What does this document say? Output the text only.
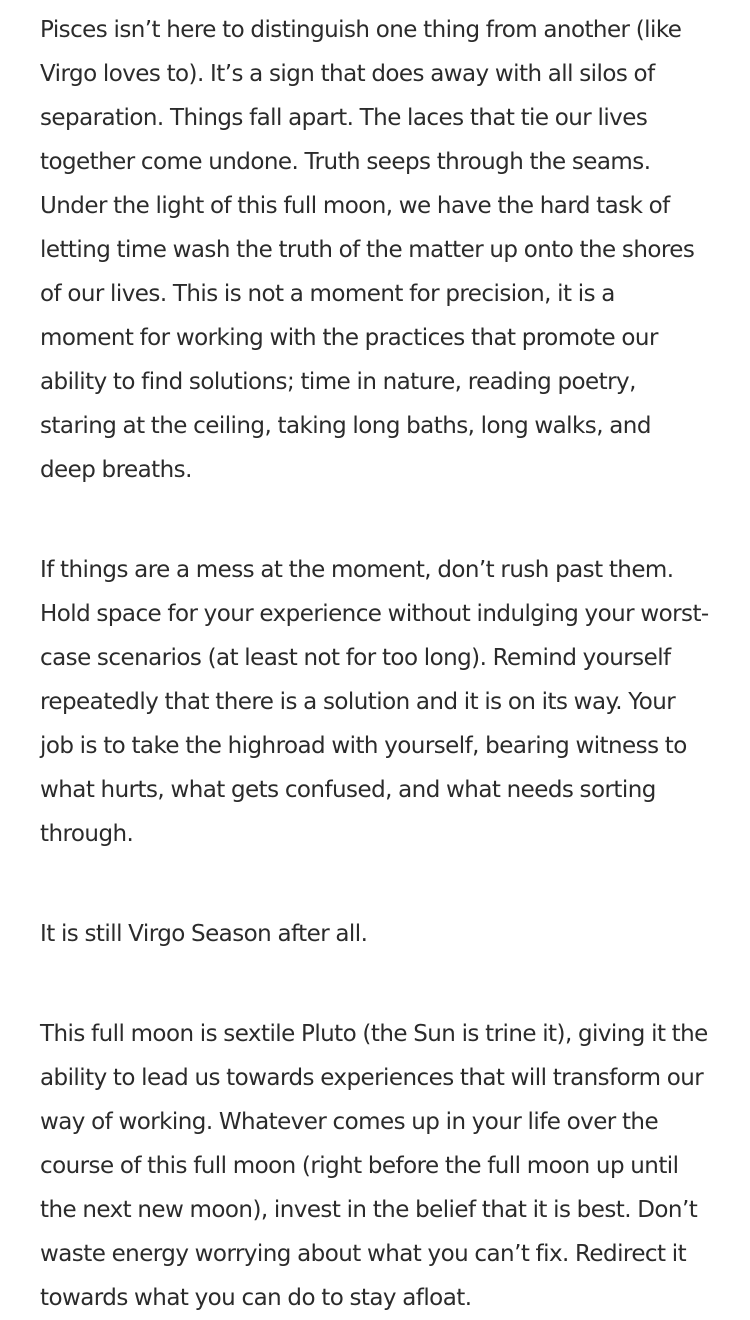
Pisces isn’t here to distinguish one thing from another (like Virgo loves to). It’s a sign that does away with all silos of separation. Things fall apart. The laces that tie our lives together come undone. Truth seeps through the seams. Under the light of this full moon, we have the hard task of letting time wash the truth of the matter up onto the shores of our lives. This is not a moment for precision, it is a moment for working with the practices that promote our ability to find solutions; time in nature, reading poetry, staring at the ceiling, taking long baths, long walks, and deep breaths.

If things are a mess at the moment, don’t rush past them. Hold space for your experience without indulging your worst-case scenarios (at least not for too long). Remind yourself repeatedly that there is a solution and it is on its way. Your job is to take the highroad with yourself, bearing witness to what hurts, what gets confused, and what needs sorting through.

It is still Virgo Season after all.

This full moon is sextile Pluto (the Sun is trine it), giving it the ability to lead us towards experiences that will transform our way of working. Whatever comes up in your life over the course of this full moon (right before the full moon up until the next new moon), invest in the belief that it is best. Don’t waste energy worrying about what you can’t fix. Redirect it towards what you can do to stay afloat.
